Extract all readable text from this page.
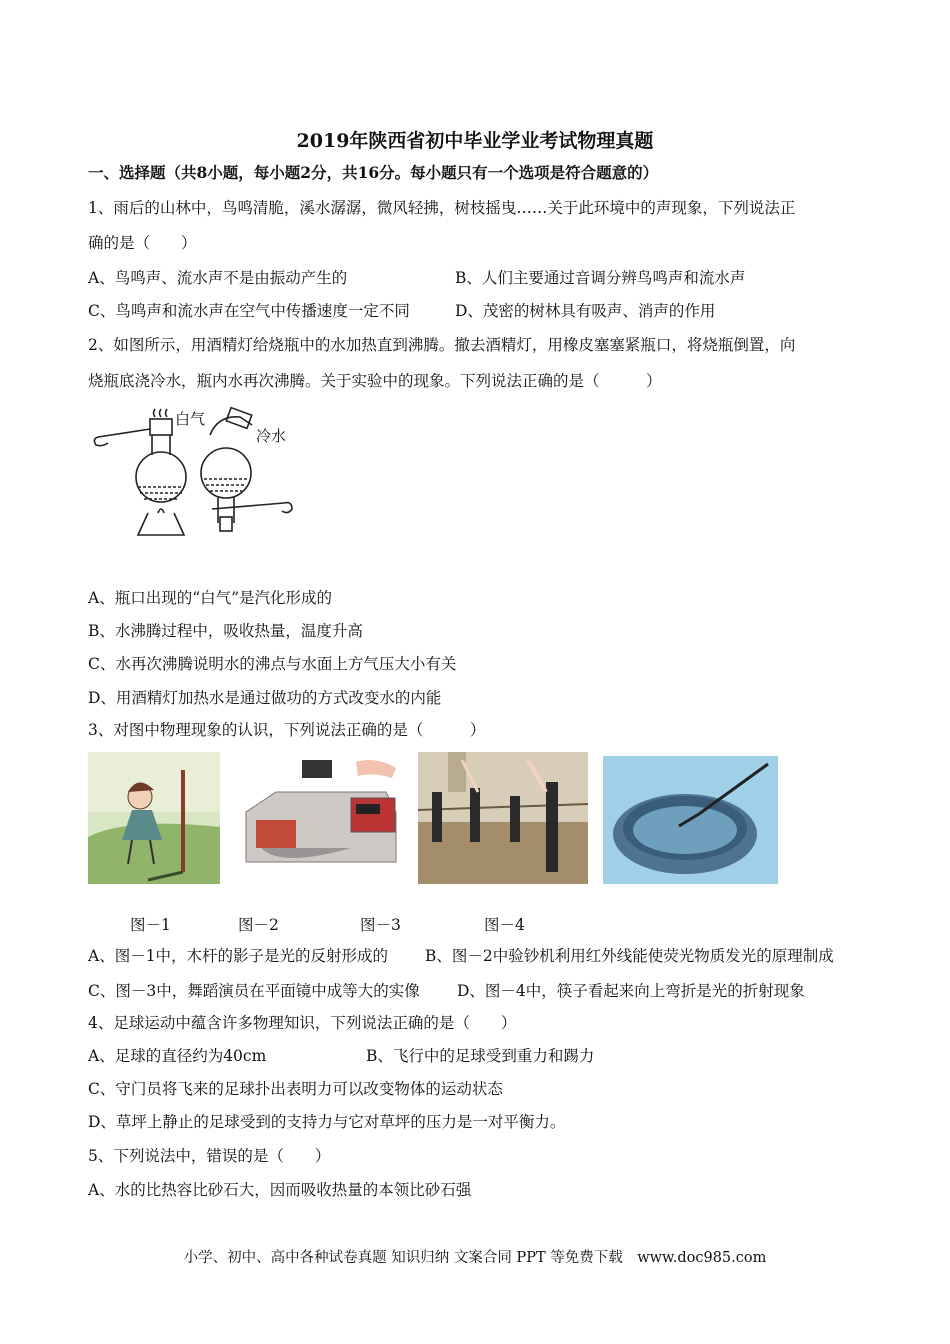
2019年陕西省初中毕业学业考试物理真题
一、选择题（共8小题，每小题2分，共16分。每小题只有一个选项是符合题意的）
1、雨后的山林中，鸟鸣清脆，溪水潺潺，微风轻拂，树枝摇曳……关于此环境中的声现象，下列说法正
确的是（　　）
A、鸟鸣声、流水声不是由振动产生的	B、人们主要通过音调分辨鸟鸣声和流水声
C、鸟鸣声和流水声在空气中传播速度一定不同	D、茂密的树林具有吸声、消声的作用
2、如图所示，用酒精灯给烧瓶中的水加热直到沸腾。撤去酒精灯，用橡皮塞塞紧瓶口，将烧瓶倒置，向
烧瓶底浇冷水，瓶内水再次沸腾。关于实验中的现象。下列说法正确的是（　　　）
白气
冷水
A、瓶口出现的“白气”是汽化形成的
B、水沸腾过程中，吸收热量，温度升高
C、水再次沸腾说明水的沸点与水面上方气压大小有关
D、用酒精灯加热水是通过做功的方式改变水的内能
3、对图中物理现象的认识，下列说法正确的是（　　　）
图－1	图－2	图－3	图－4
A、图－1中，木杆的影子是光的反射形成的 B、图－2中验钞机利用红外线能使荧光物质发光的原理制成
C、图－3中，舞蹈演员在平面镜中成等大的实像 D、图－4中，筷子看起来向上弯折是光的折射现象
4、足球运动中蕴含许多物理知识，下列说法正确的是（　　）
A、足球的直径约为40cm	B、飞行中的足球受到重力和踢力
C、守门员将飞来的足球扑出表明力可以改变物体的运动状态
D、草坪上静止的足球受到的支持力与它对草坪的压力是一对平衡力。
5、下列说法中，错误的是（　　）
A、水的比热容比砂石大，因而吸收热量的本领比砂石强
小学、初中、高中各种试卷真题 知识归纳 文案合同 PPT 等免费下载　www.doc985.com
